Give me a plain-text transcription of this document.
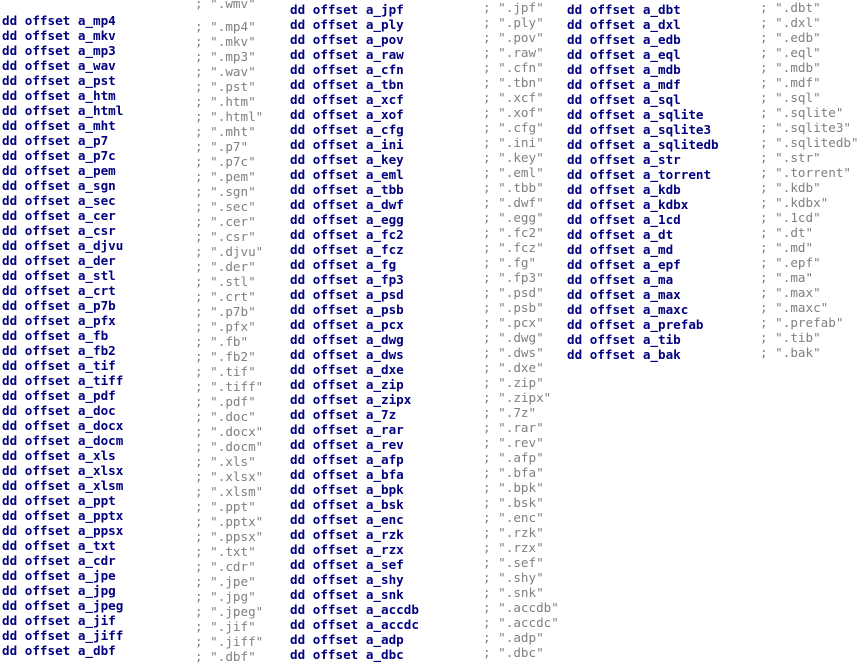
; ".wmv"
dd offset a_mp4	; ".mp4"
dd offset a_mkv	; ".mkv"
dd offset a_mp3	; ".mp3"
dd offset a_wav	; ".wav"
dd offset a_pst	; ".pst"
dd offset a_htm	; ".htm"
dd offset a_html	; ".html"
dd offset a_mht	; ".mht"
dd offset a_p7	; ".p7"
dd offset a_p7c	; ".p7c"
dd offset a_pem	; ".pem"
dd offset a_sgn	; ".sgn"
dd offset a_sec	; ".sec"
dd offset a_cer	; ".cer"
dd offset a_csr	; ".csr"
dd offset a_djvu	; ".djvu"
dd offset a_der	; ".der"
dd offset a_stl	; ".stl"
dd offset a_crt	; ".crt"
dd offset a_p7b	; ".p7b"
dd offset a_pfx	; ".pfx"
dd offset a_fb	; ".fb"
dd offset a_fb2	; ".fb2"
dd offset a_tif	; ".tif"
dd offset a_tiff	; ".tiff"
dd offset a_pdf	; ".pdf"
dd offset a_doc	; ".doc"
dd offset a_docx	; ".docx"
dd offset a_docm	; ".docm"
dd offset a_xls	; ".xls"
dd offset a_xlsx	; ".xlsx"
dd offset a_xlsm	; ".xlsm"
dd offset a_ppt	; ".ppt"
dd offset a_pptx	; ".pptx"
dd offset a_ppsx	; ".ppsx"
dd offset a_txt	; ".txt"
dd offset a_cdr	; ".cdr"
dd offset a_jpe	; ".jpe"
dd offset a_jpg	; ".jpg"
dd offset a_jpeg	; ".jpeg"
dd offset a_jif	; ".jif"
dd offset a_jiff	; ".jiff"
dd offset a_dbf	; ".dbf"
dd offset a_jpf	; ".jpf"
dd offset a_ply	; ".ply"
dd offset a_pov	; ".pov"
dd offset a_raw	; ".raw"
dd offset a_cfn	; ".cfn"
dd offset a_tbn	; ".tbn"
dd offset a_xcf	; ".xcf"
dd offset a_xof	; ".xof"
dd offset a_cfg	; ".cfg"
dd offset a_ini	; ".ini"
dd offset a_key	; ".key"
dd offset a_eml	; ".eml"
dd offset a_tbb	; ".tbb"
dd offset a_dwf	; ".dwf"
dd offset a_egg	; ".egg"
dd offset a_fc2	; ".fc2"
dd offset a_fcz	; ".fcz"
dd offset a_fg	; ".fg"
dd offset a_fp3	; ".fp3"
dd offset a_psd	; ".psd"
dd offset a_psb	; ".psb"
dd offset a_pcx	; ".pcx"
dd offset a_dwg	; ".dwg"
dd offset a_dws	; ".dws"
dd offset a_dxe	; ".dxe"
dd offset a_zip	; ".zip"
dd offset a_zipx	; ".zipx"
dd offset a_7z	; ".7z"
dd offset a_rar	; ".rar"
dd offset a_rev	; ".rev"
dd offset a_afp	; ".afp"
dd offset a_bfa	; ".bfa"
dd offset a_bpk	; ".bpk"
dd offset a_bsk	; ".bsk"
dd offset a_enc	; ".enc"
dd offset a_rzk	; ".rzk"
dd offset a_rzx	; ".rzx"
dd offset a_sef	; ".sef"
dd offset a_shy	; ".shy"
dd offset a_snk	; ".snk"
dd offset a_accdb	; ".accdb"
dd offset a_accdc	; ".accdc"
dd offset a_adp	; ".adp"
dd offset a_dbc	; ".dbc"
dd offset a_dbt	; ".dbt"
dd offset a_dxl	; ".dxl"
dd offset a_edb	; ".edb"
dd offset a_eql	; ".eql"
dd offset a_mdb	; ".mdb"
dd offset a_mdf	; ".mdf"
dd offset a_sql	; ".sql"
dd offset a_sqlite	; ".sqlite"
dd offset a_sqlite3	; ".sqlite3"
dd offset a_sqlitedb	; ".sqlitedb"
dd offset a_str	; ".str"
dd offset a_torrent	; ".torrent"
dd offset a_kdb	; ".kdb"
dd offset a_kdbx	; ".kdbx"
dd offset a_1cd	; ".1cd"
dd offset a_dt	; ".dt"
dd offset a_md	; ".md"
dd offset a_epf	; ".epf"
dd offset a_ma	; ".ma"
dd offset a_max	; ".max"
dd offset a_maxc	; ".maxc"
dd offset a_prefab	; ".prefab"
dd offset a_tib	; ".tib"
dd offset a_bak	; ".bak"
